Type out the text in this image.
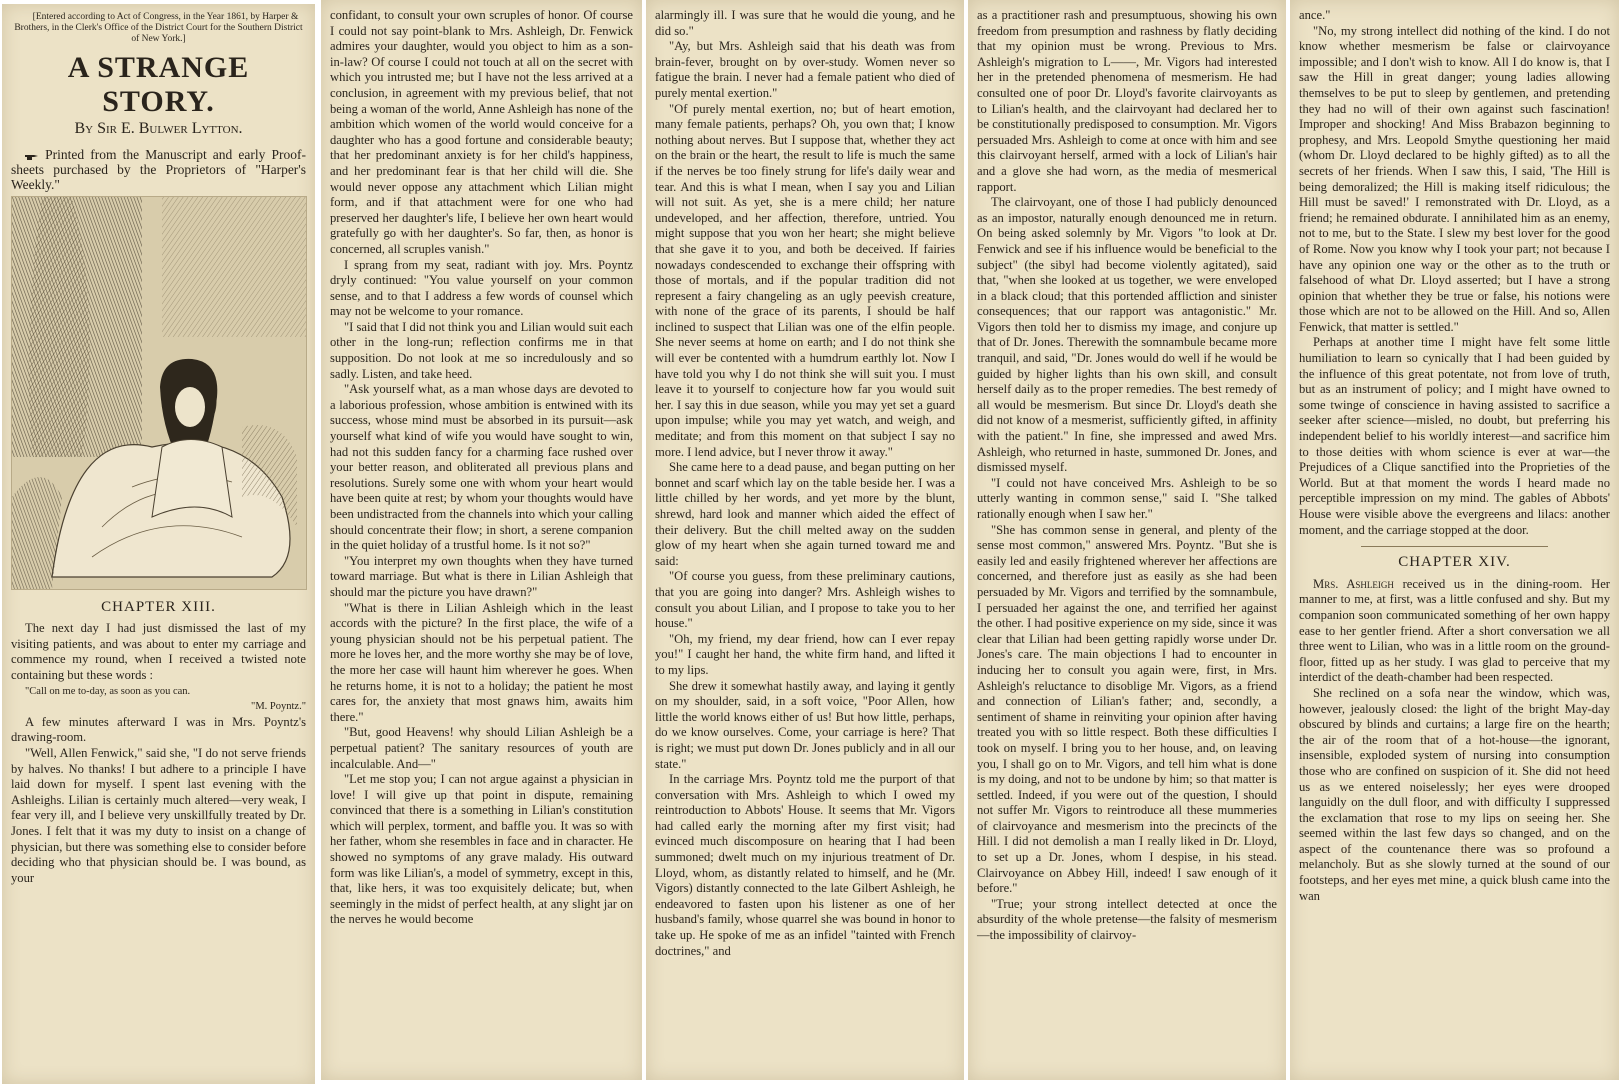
[Entered according to Act of Congress, in the Year 1861, by Harper & Brothers, in the Clerk's Office of the District Court for the Southern District of New York.]

A STRANGE STORY.
By Sir E. Bulwer Lytton.

Printed from the Manuscript and early Proof-sheets purchased by the Proprietors of "Harper's Weekly."

CHAPTER XIII.

The next day I had just dismissed the last of my visiting patients, and was about to enter my carriage and commence my round, when I received a twisted note containing but these words :

"Call on me to-day, as soon as you can.

"M. Poyntz."

A few minutes afterward I was in Mrs. Poyntz's drawing-room.

"Well, Allen Fenwick," said she, "I do not serve friends by halves. No thanks! I but adhere to a principle I have laid down for myself. I spent last evening with the Ashleighs. Lilian is certainly much altered—very weak, I fear very ill, and I believe very unskillfully treated by Dr. Jones. I felt that it was my duty to insist on a change of physician, but there was something else to consider before deciding who that physician should be. I was bound, as your

confidant, to consult your own scruples of honor. Of course I could not say point-blank to Mrs. Ashleigh, Dr. Fenwick admires your daughter, would you object to him as a son-in-law? Of course I could not touch at all on the secret with which you intrusted me; but I have not the less arrived at a conclusion, in agreement with my previous belief, that not being a woman of the world, Anne Ashleigh has none of the ambition which women of the world would conceive for a daughter who has a good fortune and considerable beauty; that her predominant anxiety is for her child's happiness, and her predominant fear is that her child will die. She would never oppose any attachment which Lilian might form, and if that attachment were for one who had preserved her daughter's life, I believe her own heart would gratefully go with her daughter's. So far, then, as honor is concerned, all scruples vanish."

I sprang from my seat, radiant with joy. Mrs. Poyntz dryly continued: "You value yourself on your common sense, and to that I address a few words of counsel which may not be welcome to your romance.

"I said that I did not think you and Lilian would suit each other in the long-run; reflection confirms me in that supposition. Do not look at me so incredulously and so sadly. Listen, and take heed.

"Ask yourself what, as a man whose days are devoted to a laborious profession, whose ambition is entwined with its success, whose mind must be absorbed in its pursuit—ask yourself what kind of wife you would have sought to win, had not this sudden fancy for a charming face rushed over your better reason, and obliterated all previous plans and resolutions. Surely some one with whom your heart would have been quite at rest; by whom your thoughts would have been undistracted from the channels into which your calling should concentrate their flow; in short, a serene companion in the quiet holiday of a trustful home. Is it not so?"

"You interpret my own thoughts when they have turned toward marriage. But what is there in Lilian Ashleigh that should mar the picture you have drawn?"

"What is there in Lilian Ashleigh which in the least accords with the picture? In the first place, the wife of a young physician should not be his perpetual patient. The more he loves her, and the more worthy she may be of love, the more her case will haunt him wherever he goes. When he returns home, it is not to a holiday; the patient he most cares for, the anxiety that most gnaws him, awaits him there."

"But, good Heavens! why should Lilian Ashleigh be a perpetual patient? The sanitary resources of youth are incalculable. And—"

"Let me stop you; I can not argue against a physician in love! I will give up that point in dispute, remaining convinced that there is a something in Lilian's constitution which will perplex, torment, and baffle you. It was so with her father, whom she resembles in face and in character. He showed no symptoms of any grave malady. His outward form was like Lilian's, a model of symmetry, except in this, that, like hers, it was too exquisitely delicate; but, when seemingly in the midst of perfect health, at any slight jar on the nerves he would become

alarmingly ill. I was sure that he would die young, and he did so."

"Ay, but Mrs. Ashleigh said that his death was from brain-fever, brought on by over-study. Women never so fatigue the brain. I never had a female patient who died of purely mental exertion."

"Of purely mental exertion, no; but of heart emotion, many female patients, perhaps? Oh, you own that; I know nothing about nerves. But I suppose that, whether they act on the brain or the heart, the result to life is much the same if the nerves be too finely strung for life's daily wear and tear. And this is what I mean, when I say you and Lilian will not suit. As yet, she is a mere child; her nature undeveloped, and her affection, therefore, untried. You might suppose that you won her heart; she might believe that she gave it to you, and both be deceived. If fairies nowadays condescended to exchange their offspring with those of mortals, and if the popular tradition did not represent a fairy changeling as an ugly peevish creature, with none of the grace of its parents, I should be half inclined to suspect that Lilian was one of the elfin people. She never seems at home on earth; and I do not think she will ever be contented with a humdrum earthly lot. Now I have told you why I do not think she will suit you. I must leave it to yourself to conjecture how far you would suit her. I say this in due season, while you may yet set a guard upon impulse; while you may yet watch, and weigh, and meditate; and from this moment on that subject I say no more. I lend advice, but I never throw it away."

She came here to a dead pause, and began putting on her bonnet and scarf which lay on the table beside her. I was a little chilled by her words, and yet more by the blunt, shrewd, hard look and manner which aided the effect of their delivery. But the chill melted away on the sudden glow of my heart when she again turned toward me and said:

"Of course you guess, from these preliminary cautions, that you are going into danger? Mrs. Ashleigh wishes to consult you about Lilian, and I propose to take you to her house."

"Oh, my friend, my dear friend, how can I ever repay you!" I caught her hand, the white firm hand, and lifted it to my lips.

She drew it somewhat hastily away, and laying it gently on my shoulder, said, in a soft voice, "Poor Allen, how little the world knows either of us! But how little, perhaps, do we know ourselves. Come, your carriage is here? That is right; we must put down Dr. Jones publicly and in all our state."

In the carriage Mrs. Poyntz told me the purport of that conversation with Mrs. Ashleigh to which I owed my reintroduction to Abbots' House. It seems that Mr. Vigors had called early the morning after my first visit; had evinced much discomposure on hearing that I had been summoned; dwelt much on my injurious treatment of Dr. Lloyd, whom, as distantly related to himself, and he (Mr. Vigors) distantly connected to the late Gilbert Ashleigh, he endeavored to fasten upon his listener as one of her husband's family, whose quarrel she was bound in honor to take up. He spoke of me as an infidel "tainted with French doctrines," and

as a practitioner rash and presumptuous, showing his own freedom from presumption and rashness by flatly deciding that my opinion must be wrong. Previous to Mrs. Ashleigh's migration to L——, Mr. Vigors had interested her in the pretended phenomena of mesmerism. He had consulted one of poor Dr. Lloyd's favorite clairvoyants as to Lilian's health, and the clairvoyant had declared her to be constitutionally predisposed to consumption. Mr. Vigors persuaded Mrs. Ashleigh to come at once with him and see this clairvoyant herself, armed with a lock of Lilian's hair and a glove she had worn, as the media of mesmerical rapport.

The clairvoyant, one of those I had publicly denounced as an impostor, naturally enough denounced me in return. On being asked solemnly by Mr. Vigors "to look at Dr. Fenwick and see if his influence would be beneficial to the subject" (the sibyl had become violently agitated), said that, "when she looked at us together, we were enveloped in a black cloud; that this portended affliction and sinister consequences; that our rapport was antagonistic." Mr. Vigors then told her to dismiss my image, and conjure up that of Dr. Jones. Therewith the somnambule became more tranquil, and said, "Dr. Jones would do well if he would be guided by higher lights than his own skill, and consult herself daily as to the proper remedies. The best remedy of all would be mesmerism. But since Dr. Lloyd's death she did not know of a mesmerist, sufficiently gifted, in affinity with the patient." In fine, she impressed and awed Mrs. Ashleigh, who returned in haste, summoned Dr. Jones, and dismissed myself.

"I could not have conceived Mrs. Ashleigh to be so utterly wanting in common sense," said I. "She talked rationally enough when I saw her."

"She has common sense in general, and plenty of the sense most common," answered Mrs. Poyntz. "But she is easily led and easily frightened wherever her affections are concerned, and therefore just as easily as she had been persuaded by Mr. Vigors and terrified by the somnambule, I persuaded her against the one, and terrified her against the other. I had positive experience on my side, since it was clear that Lilian had been getting rapidly worse under Dr. Jones's care. The main objections I had to encounter in inducing her to consult you again were, first, in Mrs. Ashleigh's reluctance to disoblige Mr. Vigors, as a friend and connection of Lilian's father; and, secondly, a sentiment of shame in reinviting your opinion after having treated you with so little respect. Both these difficulties I took on myself. I bring you to her house, and, on leaving you, I shall go on to Mr. Vigors, and tell him what is done is my doing, and not to be undone by him; so that matter is settled. Indeed, if you were out of the question, I should not suffer Mr. Vigors to reintroduce all these mummeries of clairvoyance and mesmerism into the precincts of the Hill. I did not demolish a man I really liked in Dr. Lloyd, to set up a Dr. Jones, whom I despise, in his stead. Clairvoyance on Abbey Hill, indeed! I saw enough of it before."

"True; your strong intellect detected at once the absurdity of the whole pretense—the falsity of mesmerism—the impossibility of clairvoy-

ance."

"No, my strong intellect did nothing of the kind. I do not know whether mesmerism be false or clairvoyance impossible; and I don't wish to know. All I do know is, that I saw the Hill in great danger; young ladies allowing themselves to be put to sleep by gentlemen, and pretending they had no will of their own against such fascination! Improper and shocking! And Miss Brabazon beginning to prophesy, and Mrs. Leopold Smythe questioning her maid (whom Dr. Lloyd declared to be highly gifted) as to all the secrets of her friends. When I saw this, I said, 'The Hill is being demoralized; the Hill is making itself ridiculous; the Hill must be saved!' I remonstrated with Dr. Lloyd, as a friend; he remained obdurate. I annihilated him as an enemy, not to me, but to the State. I slew my best lover for the good of Rome. Now you know why I took your part; not because I have any opinion one way or the other as to the truth or falsehood of what Dr. Lloyd asserted; but I have a strong opinion that whether they be true or false, his notions were those which are not to be allowed on the Hill. And so, Allen Fenwick, that matter is settled."

Perhaps at another time I might have felt some little humiliation to learn so cynically that I had been guided by the influence of this great potentate, not from love of truth, but as an instrument of policy; and I might have owned to some twinge of conscience in having assisted to sacrifice a seeker after science—misled, no doubt, but preferring his independent belief to his worldly interest—and sacrifice him to those deities with whom science is ever at war—the Prejudices of a Clique sanctified into the Proprieties of the World. But at that moment the words I heard made no perceptible impression on my mind. The gables of Abbots' House were visible above the evergreens and lilacs: another moment, and the carriage stopped at the door.

CHAPTER XIV.

Mrs. Ashleigh received us in the dining-room. Her manner to me, at first, was a little confused and shy. But my companion soon communicated something of her own happy ease to her gentler friend. After a short conversation we all three went to Lilian, who was in a little room on the ground-floor, fitted up as her study. I was glad to perceive that my interdict of the death-chamber had been respected.

She reclined on a sofa near the window, which was, however, jealously closed: the light of the bright May-day obscured by blinds and curtains; a large fire on the hearth; the air of the room that of a hot-house—the ignorant, insensible, exploded system of nursing into consumption those who are confined on suspicion of it. She did not heed us as we entered noiselessly; her eyes were drooped languidly on the dull floor, and with difficulty I suppressed the exclamation that rose to my lips on seeing her. She seemed within the last few days so changed, and on the aspect of the countenance there was so profound a melancholy. But as she slowly turned at the sound of our footsteps, and her eyes met mine, a quick blush came into the wan
